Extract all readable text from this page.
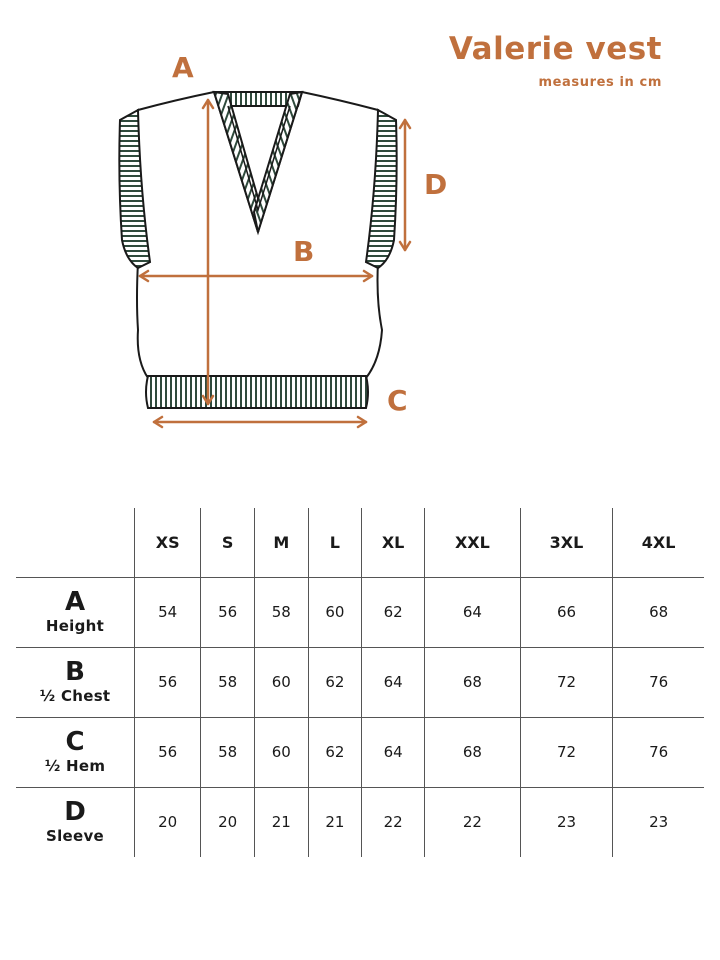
Valerie vest
measures in cm
A
B
C
D
	XS	S	M	L	XL	XXL	3XL	4XL

A
Height	54	56	58	60	62	64	66	68

B
½ Chest	56	58	60	62	64	68	72	76

C
½ Hem	56	58	60	62	64	68	72	76

D
Sleeve	20	20	21	21	22	22	23	23
